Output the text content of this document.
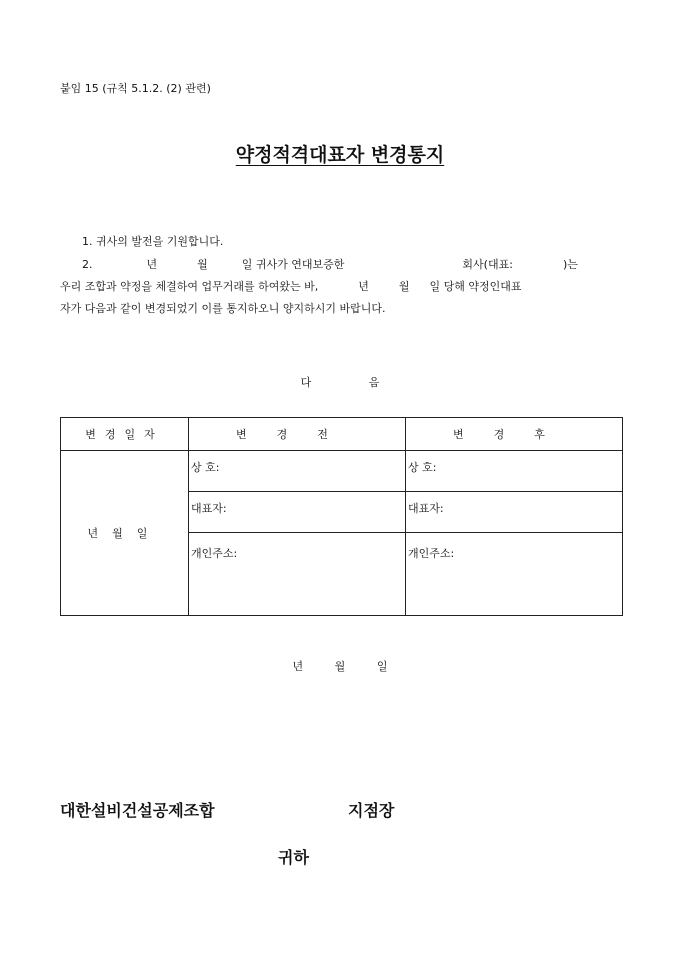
붙임 15 (규칙 5.1.2. (2) 관련)
약정적격대표자 변경통지
1. 귀사의 발전을 기원합니다.
2.	년	월	일 귀사가 연대보증한	회사(대표:	)는
우리 조합과 약정을 체결하여 업무거래를 하여왔는 바,	년	월 일 당해 약정인대표
자가 다음과 같이 변경되었기 이를 통지하오니 양지하시기 바랍니다.
다	음
변경일자	변경전	변경후
년월일	상 호:	상 호:
	대표자:	대표자:
	개인주소:	개인주소:
년	월	일
대한설비건설공제조합	지점장
귀하
